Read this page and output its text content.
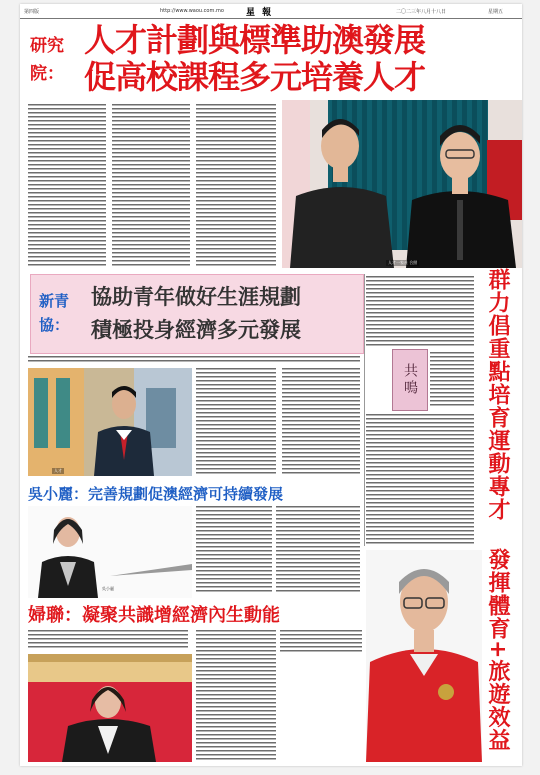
第四版	http://www.waou.com.mo 星 報	二〇二三年八月十八日	星期五
研究
院：
人才計劃與標準助澳發展
促高校課程多元培養人才
人才一家社 合照
新青
協：
協助青年做好生涯規劃
積極投身經濟多元發展
共鳴	群力倡重點培育運動專才
發揮體育+旅遊效益
人才
吳小麗：完善規劃促澳經濟可持續發展
吳小麗
婦聯：凝聚共識增經濟內生動能
